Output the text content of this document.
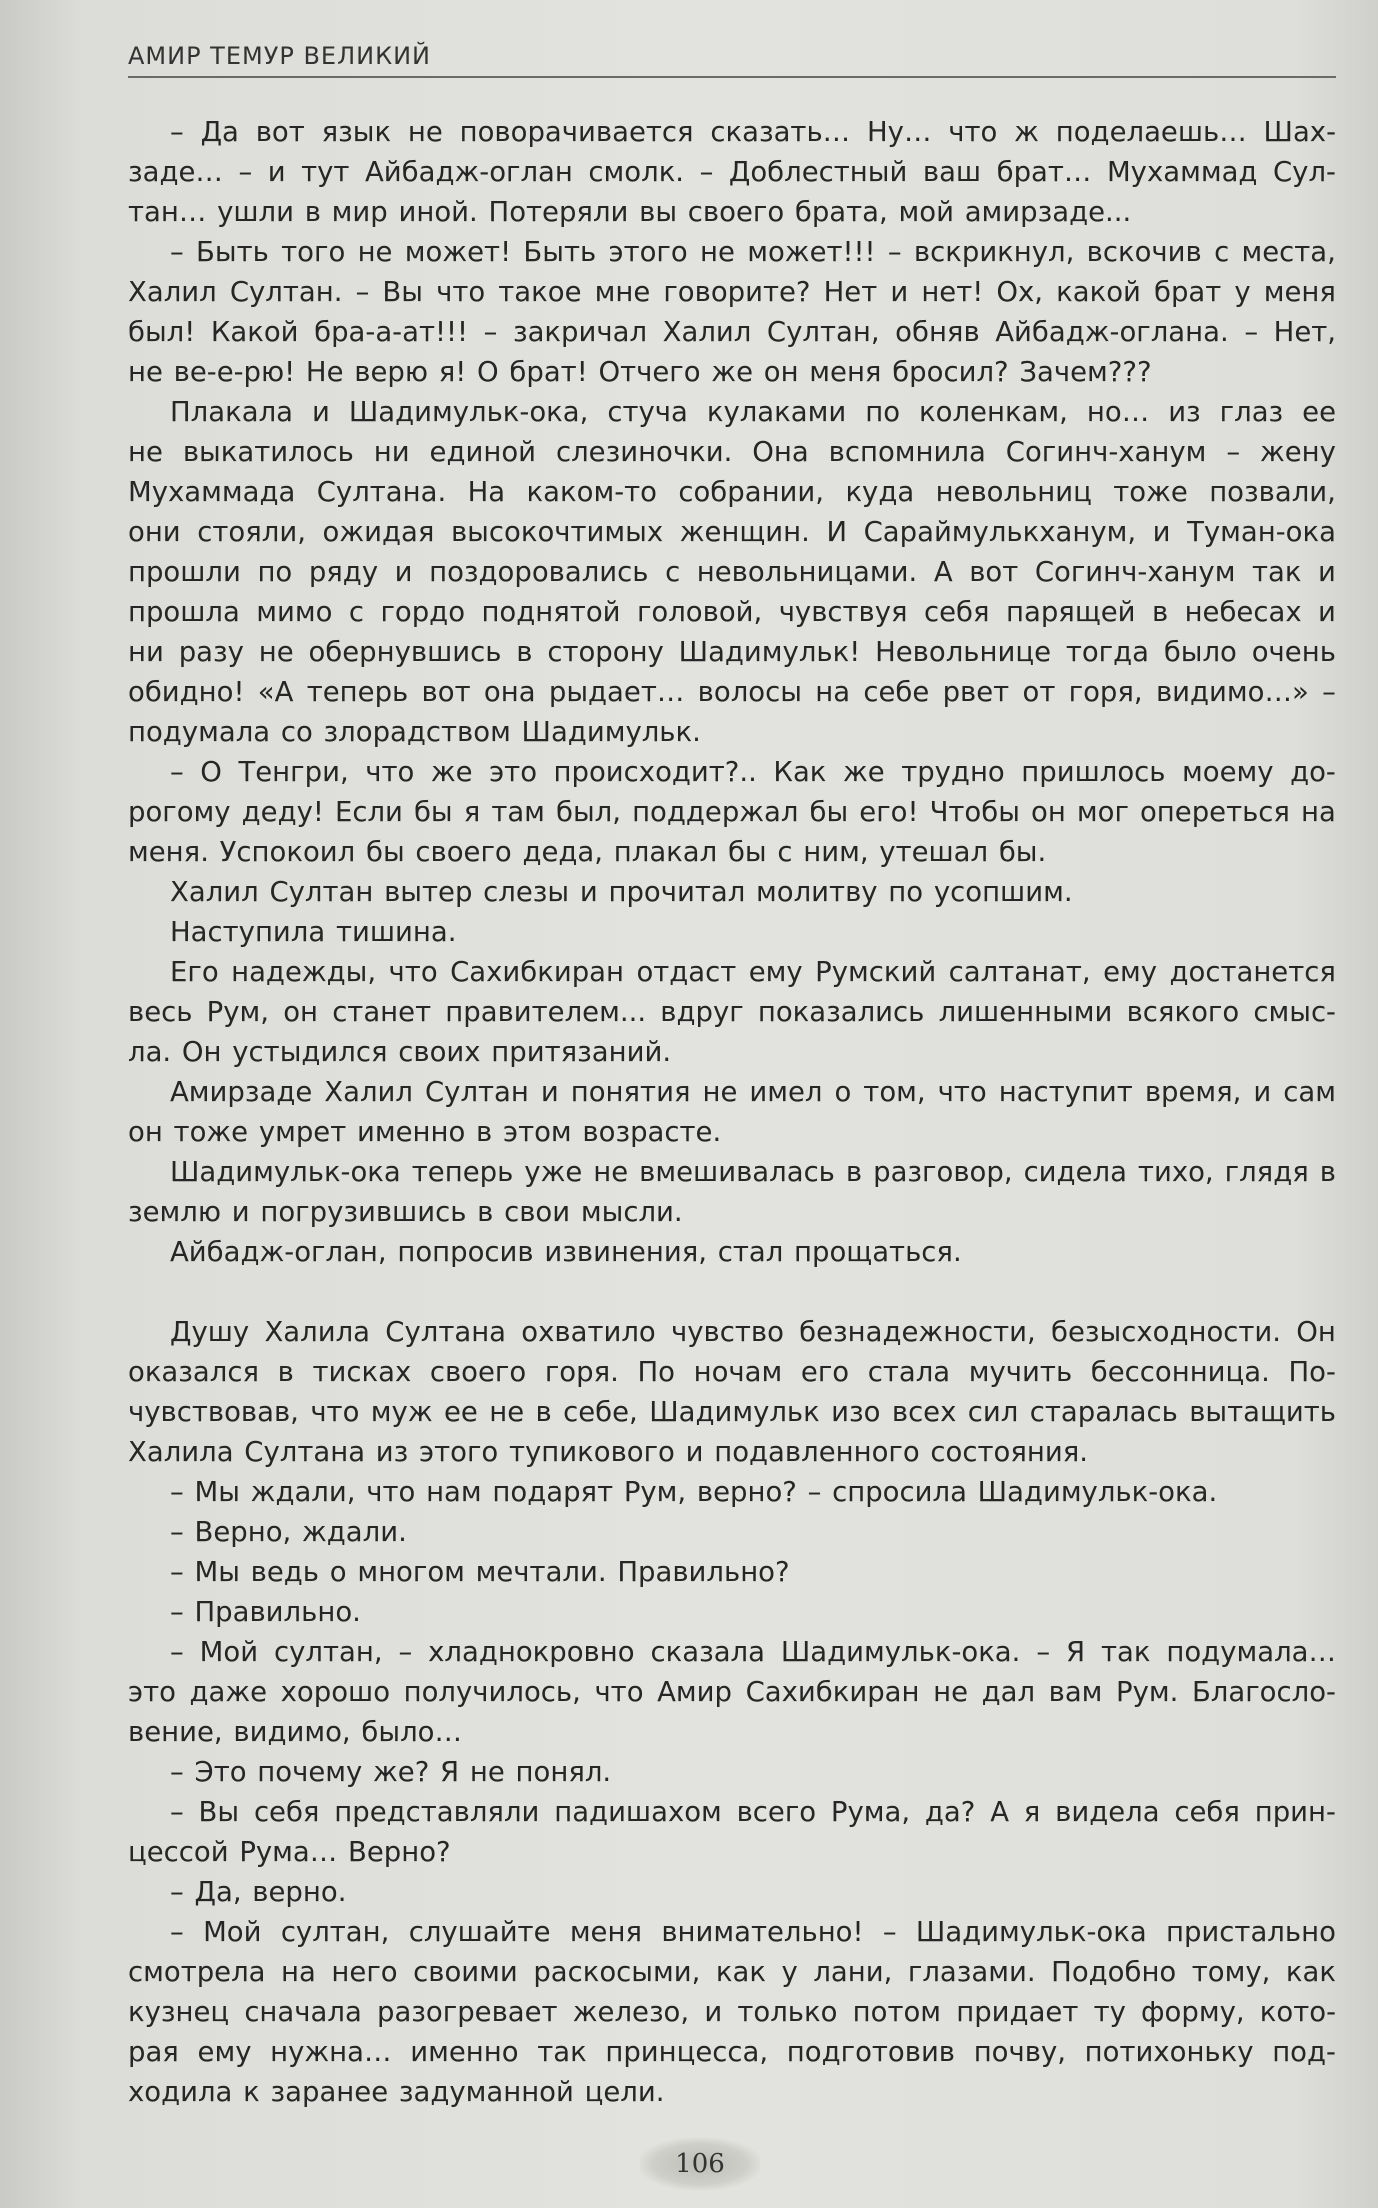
АМИР ТЕМУР ВЕЛИКИЙ
– Да вот язык не поворачивается сказать… Ну… что ж поделаешь… Шах-
заде… – и тут Айбадж-оглан смолк. – Доблестный ваш брат… Мухаммад Сул-
тан… ушли в мир иной. Потеряли вы своего брата, мой амирзаде...
– Быть того не может! Быть этого не может!!! – вскрикнул, вскочив с места,
Халил Султан. – Вы что такое мне говорите? Нет и нет! Ох, какой брат у меня
был! Какой бра-а-ат!!! – закричал Халил Султан, обняв Айбадж-оглана. – Нет,
не ве-е-рю! Не верю я! О брат! Отчего же он меня бросил? Зачем???
Плакала и Шадимульк-ока, стуча кулаками по коленкам, но… из глаз ее
не выкатилось ни единой слезиночки. Она вспомнила Согинч-ханум – жену
Мухаммада Султана. На каком-то собрании, куда невольниц тоже позвали,
они стояли, ожидая высокочтимых женщин. И Сараймулькханум, и Туман-ока
прошли по ряду и поздоровались с невольницами. А вот Согинч-ханум так и
прошла мимо с гордо поднятой головой, чувствуя себя парящей в небесах и
ни разу не обернувшись в сторону Шадимульк! Невольнице тогда было очень
обидно! «А теперь вот она рыдает… волосы на себе рвет от горя, видимо…» –
подумала со злорадством Шадимульк.
– О Тенгри, что же это происходит?.. Как же трудно пришлось моему до-
рогому деду! Если бы я там был, поддержал бы его! Чтобы он мог опереться на
меня. Успокоил бы своего деда, плакал бы с ним, утешал бы.
Халил Султан вытер слезы и прочитал молитву по усопшим.
Наступила тишина.
Его надежды, что Сахибкиран отдаст ему Румский салтанат, ему достанется
весь Рум, он станет правителем... вдруг показались лишенными всякого смыс-
ла. Он устыдился своих притязаний.
Амирзаде Халил Султан и понятия не имел о том, что наступит время, и сам
он тоже умрет именно в этом возрасте.
Шадимульк-ока теперь уже не вмешивалась в разговор, сидела тихо, глядя в
землю и погрузившись в свои мысли.
Айбадж-оглан, попросив извинения, стал прощаться.
Душу Халила Султана охватило чувство безнадежности, безысходности. Он
оказался в тисках своего горя. По ночам его стала мучить бессонница. По-
чувствовав, что муж ее не в себе, Шадимульк изо всех сил старалась вытащить
Халила Султана из этого тупикового и подавленного состояния.
– Мы ждали, что нам подарят Рум, верно? – спросила Шадимульк-ока.
– Верно, ждали.
– Мы ведь о многом мечтали. Правильно?
– Правильно.
– Мой султан, – хладнокровно сказала Шадимульк-ока. – Я так подумала…
это даже хорошо получилось, что Амир Сахибкиран не дал вам Рум. Благосло-
вение, видимо, было…
– Это почему же? Я не понял.
– Вы себя представляли падишахом всего Рума, да? А я видела себя прин-
цессой Рума… Верно?
– Да, верно.
– Мой султан, слушайте меня внимательно! – Шадимульк-ока пристально
смотрела на него своими раскосыми, как у лани, глазами. Подобно тому, как
кузнец сначала разогревает железо, и только потом придает ту форму, кото-
рая ему нужна… именно так принцесса, подготовив почву, потихоньку под-
ходила к заранее задуманной цели.
106
